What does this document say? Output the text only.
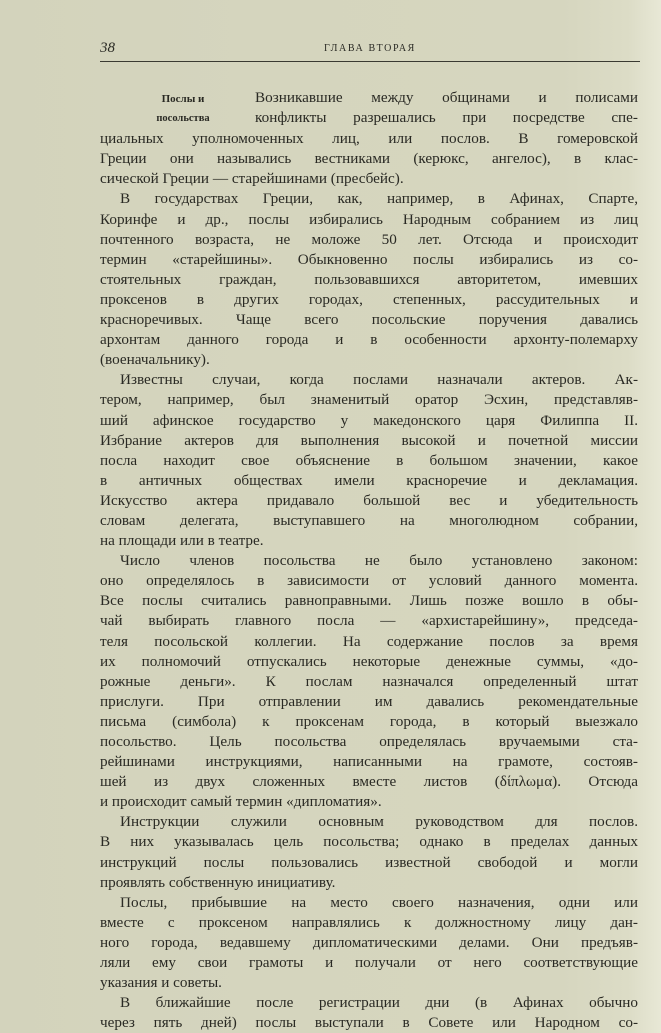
38	ГЛАВА ВТОРАЯ
Послы и
посольства

Возникавшие между общинами и полисами
конфликты разрешались при посредстве спе-
циальных уполномоченных лиц, или послов. В гомеровской
Греции они назывались вестниками (керюкс, ангелос), в клас-
сической Греции — старейшинами (пресбейс).

В государствах Греции, как, например, в Афинах, Спарте,
Коринфе и др., послы избирались Народным собранием из лиц
почтенного возраста, не моложе 50 лет. Отсюда и происходит
термин «старейшины». Обыкновенно послы избирались из со-
стоятельных граждан, пользовавшихся авторитетом, имевших
проксенов в других городах, степенных, рассудительных и
красноречивых. Чаще всего посольские поручения давались
архонтам данного города и в особенности архонту-полемарху
(военачальнику).

Известны случаи, когда послами назначали актеров. Ак-
тером, например, был знаменитый оратор Эсхин, представляв-
ший афинское государство у македонского царя Филиппа II.
Избрание актеров для выполнения высокой и почетной миссии
посла находит свое объяснение в большом значении, какое
в античных обществах имели красноречие и декламация.
Искусство актера придавало большой вес и убедительность
словам делегата, выступавшего на многолюдном собрании,
на площади или в театре.

Число членов посольства не было установлено законом:
оно определялось в зависимости от условий данного момента.
Все послы считались равноправными. Лишь позже вошло в обы-
чай выбирать главного посла — «архистарейшину», председа-
теля посольской коллегии. На содержание послов за время
их полномочий отпускались некоторые денежные суммы, «до-
рожные деньги». К послам назначался определенный штат
прислуги. При отправлении им давались рекомендательные
письма (симбола) к проксенам города, в который выезжало
посольство. Цель посольства определялась вручаемыми ста-
рейшинами инструкциями, написанными на грамоте, состояв-
шей из двух сложенных вместе листов (δίπλωμα). Отсюда
и происходит самый термин «дипломатия».

Инструкции служили основным руководством для послов.
В них указывалась цель посольства; однако в пределах данных
инструкций послы пользовались известной свободой и могли
проявлять собственную инициативу.

Послы, прибывшие на место своего назначения, одни или
вместе с проксеном направлялись к должностному лицу дан-
ного города, ведавшему дипломатическими делами. Они предъяв-
ляли ему свои грамоты и получали от него соответствующие
указания и советы.

В ближайшие после регистрации дни (в Афинах обычно
через пять дней) послы выступали в Совете или Народном со-
